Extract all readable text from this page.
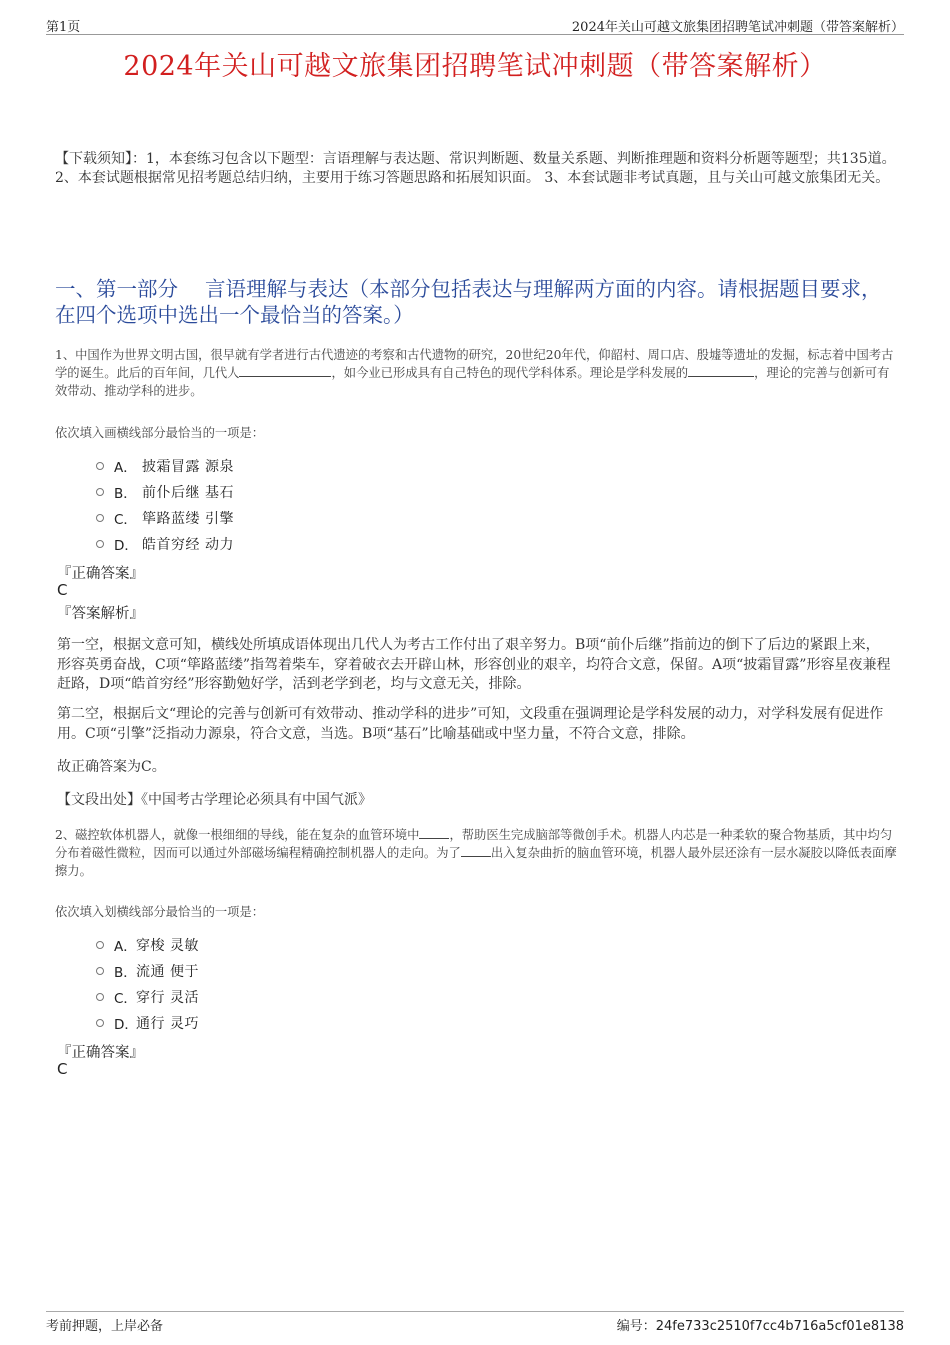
第1页	2024年关山可越文旅集团招聘笔试冲刺题（带答案解析）
2024年关山可越文旅集团招聘笔试冲刺题（带答案解析）
【下载须知】：1，本套练习包含以下题型：言语理解与表达题、常识判断题、数量关系题、判断推理题和资料分析题等题型；共135道。 2、本套试题根据常见招考题总结归纳，主要用于练习答题思路和拓展知识面。 3、本套试题非考试真题，且与关山可越文旅集团无关。
一、第一部分　 言语理解与表达（本部分包括表达与理解两方面的内容。请根据题目要求，在四个选项中选出一个最恰当的答案。）
1、中国作为世界文明古国，很早就有学者进行古代遗迹的考察和古代遗物的研究，20世纪20年代，仰韶村、周口店、殷墟等遗址的发掘，标志着中国考古学的诞生。此后的百年间，几代人	，如今业已形成具有自己特色的现代学科体系。理论是学科发展的	，理论的完善与创新可有效带动、推动学科的进步。
依次填入画横线部分最恰当的一项是：
A． 披霜冒露 源泉
B． 前仆后继 基石
C． 筚路蓝缕 引擎
D． 皓首穷经 动力
『正确答案』
C
『答案解析』
第一空，根据文意可知，横线处所填成语体现出几代人为考古工作付出了艰辛努力。B项“前仆后继”指前边的倒下了后边的紧跟上来，形容英勇奋战，C项“筚路蓝缕”指驾着柴车，穿着破衣去开辟山林，形容创业的艰辛，均符合文意，保留。A项“披霜冒露”形容星夜兼程赶路，D项“皓首穷经”形容勤勉好学，活到老学到老，均与文意无关，排除。
第二空，根据后文“理论的完善与创新可有效带动、推动学科的进步”可知，文段重在强调理论是学科发展的动力，对学科发展有促进作用。C项“引擎”泛指动力源泉，符合文意，当选。B项“基石”比喻基础或中坚力量，不符合文意，排除。
故正确答案为C。
【文段出处】《中国考古学理论必须具有中国气派》
2、磁控软体机器人，就像一根细细的导线，能在复杂的血管环境中 ，帮助医生完成脑部等微创手术。机器人内芯是一种柔软的聚合物基质，其中均匀分布着磁性微粒，因而可以通过外部磁场编程精确控制机器人的走向。为了 出入复杂曲折的脑血管环境，机器人最外层还涂有一层水凝胶以降低表面摩擦力。
依次填入划横线部分最恰当的一项是：
A． 穿梭 灵敏
B． 流通 便于
C． 穿行 灵活
D．
通行 灵巧
『正确答案』
C
考前押题，上岸必备	编号：24fe733c2510f7cc4b716a5cf01e8138
